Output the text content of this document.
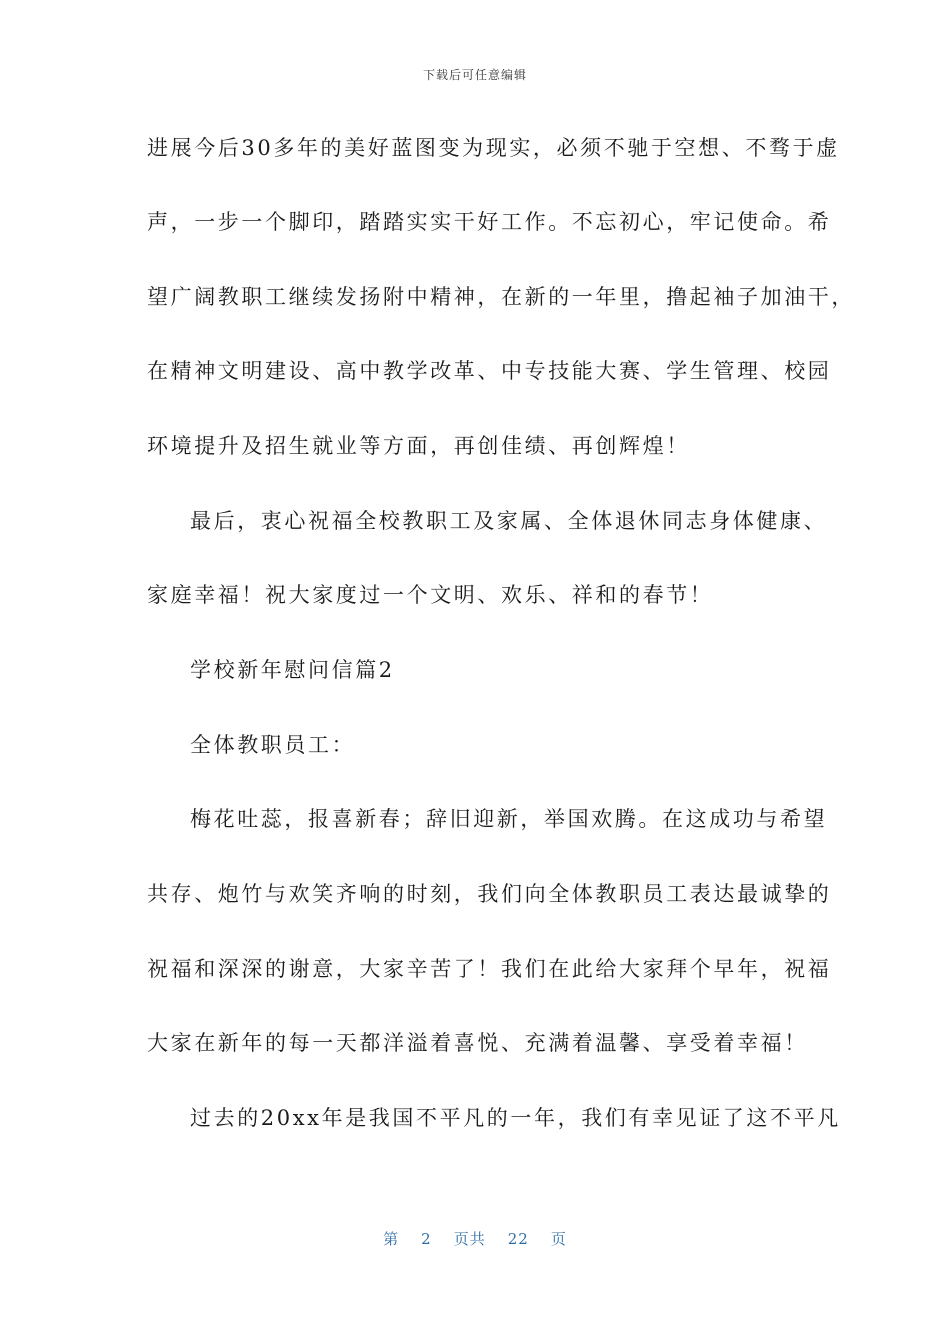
下载后可任意编辑
进展今后30多年的美好蓝图变为现实，必须不驰于空想、不骛于虚
声，一步一个脚印，踏踏实实干好工作。不忘初心，牢记使命。希
望广阔教职工继续发扬附中精神，在新的一年里，撸起袖子加油干，
在精神文明建设、高中教学改革、中专技能大赛、学生管理、校园
环境提升及招生就业等方面，再创佳绩、再创辉煌！
最后，衷心祝福全校教职工及家属、全体退休同志身体健康、
家庭幸福！祝大家度过一个文明、欢乐、祥和的春节！
学校新年慰问信篇2
全体教职员工：
梅花吐蕊，报喜新春；辞旧迎新，举国欢腾。在这成功与希望
共存、炮竹与欢笑齐响的时刻，我们向全体教职员工表达最诚挚的
祝福和深深的谢意，大家辛苦了！我们在此给大家拜个早年，祝福
大家在新年的每一天都洋溢着喜悦、充满着温馨、享受着幸福！
过去的20xx年是我国不平凡的一年，我们有幸见证了这不平凡
第 2 页共 22 页
